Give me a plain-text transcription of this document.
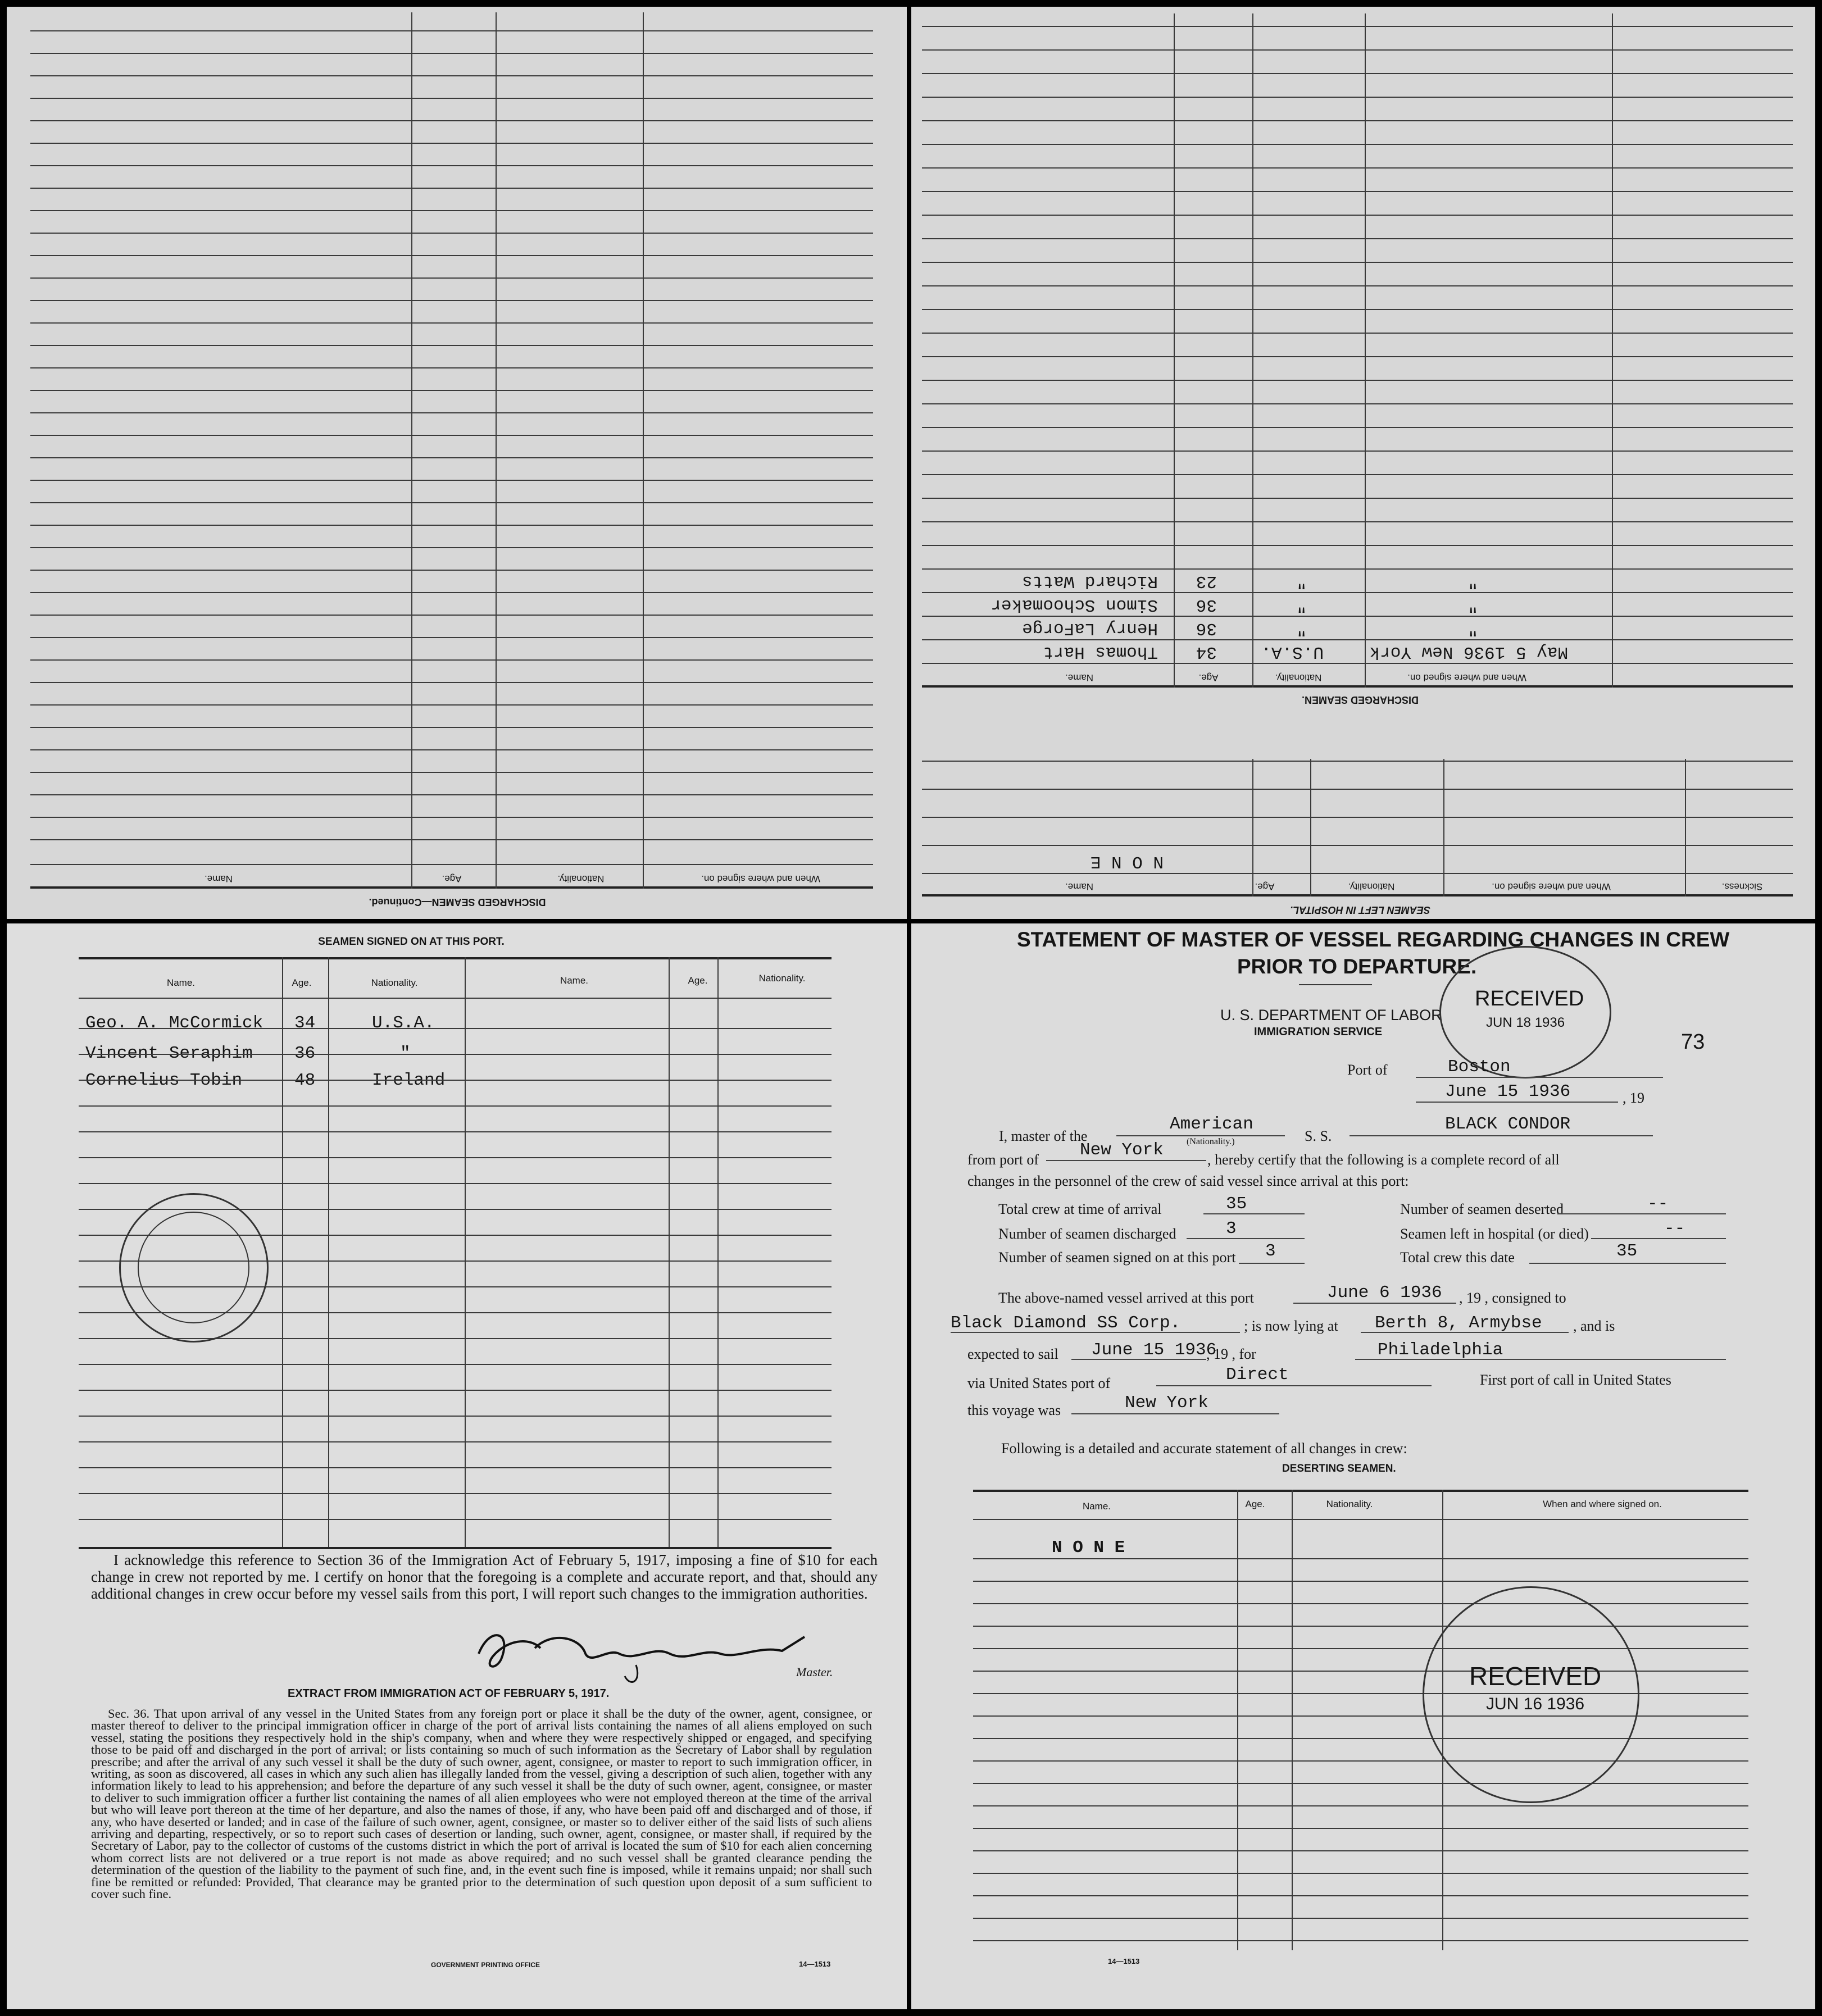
DISCHARGED SEAMEN—Continued.
Name.	Age.	Nationality.	When and where signed on.
SEAMEN LEFT IN HOSPITAL.
Name.	Age.	Nationality.	When and where signed on.	Sickness.
N O N E
DISCHARGED SEAMEN.
Name.	Age.	Nationality.	When and where signed on.
Thomas Hart 34	U.S.A.	May 5 1936 New York
Henry LaForge 36	"	"
Simon Schoomaker 36	"	"
Richard Watts 23	"	"
SEAMEN SIGNED ON AT THIS PORT.
Name.	Age.	Nationality.	Name.	Age.	Nationality.
Geo. A. McCormick 34	U.S.A.
Vincent Seraphim 36	"
Cornelius Tobin	48	Ireland
I acknowledge this reference to Section 36 of the Immigration Act of February 5, 1917, imposing a fine of $10 for each change in crew not reported by me. I certify on honor that the foregoing is a complete and accurate report, and that, should any additional changes in crew occur before my vessel sails from this port, I will report such changes to the immigration authorities.
Master.
EXTRACT FROM IMMIGRATION ACT OF FEBRUARY 5, 1917.
Sec. 36. That upon arrival of any vessel in the United States from any foreign port or place it shall be the duty of the owner, agent, consignee, or master thereof to deliver to the principal immigration officer in charge of the port of arrival lists containing the names of all aliens employed on such vessel, stating the positions they respectively hold in the ship's company, when and where they were respectively shipped or engaged, and specifying those to be paid off and discharged in the port of arrival; or lists containing so much of such information as the Secretary of Labor shall by regulation prescribe; and after the arrival of any such vessel it shall be the duty of such owner, agent, consignee, or master to report to such immigration officer, in writing, as soon as discovered, all cases in which any such alien has illegally landed from the vessel, giving a description of such alien, together with any information likely to lead to his apprehension; and before the departure of any such vessel it shall be the duty of such owner, agent, consignee, or master to deliver to such immigration officer a further list containing the names of all alien employees who were not employed thereon at the time of the arrival but who will leave port thereon at the time of her departure, and also the names of those, if any, who have been paid off and discharged and of those, if any, who have deserted or landed; and in case of the failure of such owner, agent, consignee, or master so to deliver either of the said lists of such aliens arriving and departing, respectively, or so to report such cases of desertion or landing, such owner, agent, consignee, or master shall, if required by the Secretary of Labor, pay to the collector of customs of the customs district in which the port of arrival is located the sum of $10 for each alien concerning whom correct lists are not delivered or a true report is not made as above required; and no such vessel shall be granted clearance pending the determination of the question of the liability to the payment of such fine, and, in the event such fine is imposed, while it remains unpaid; nor shall such fine be remitted or refunded: Provided, That clearance may be granted prior to the determination of such question upon deposit of a sum sufficient to cover such fine.
GOVERNMENT PRINTING OFFICE	14—1513
STATEMENT OF MASTER OF VESSEL REGARDING CHANGES IN CREW
PRIOR TO DEPARTURE.
U. S. DEPARTMENT OF LABOR
IMMIGRATION SERVICE	73
RECEIVED
JUN 18 1936
Port of	Boston
June 15 1936	, 19
I, master of the
American
(Nationality.)	S. S.
BLACK CONDOR
from port of New York	, hereby certify that the following is a complete record of all
changes in the personnel of the crew of said vessel since arrival at this port:
Total crew at time of arrival	35
Number of seamen discharged	3
Number of seamen signed on at this port 3
Number of seamen deserted	--
Seamen left in hospital (or died)	--
Total crew this date	35
The above-named vessel arrived at this port	June 6 1936 , 19 , consigned to
Black Diamond SS Corp.	; is now lying at Berth 8, Armybse , and is
expected to sail June 15 1936
, 19 , for	Philadelphia
via United States port of	Direct	First port of call in United States
this voyage was	New York
Following is a detailed and accurate statement of all changes in crew:
DESERTING SEAMEN.
Name.	Age.	Nationality.	When and where signed on.
N O N E
RECEIVED
JUN 16 1936
14—1513
